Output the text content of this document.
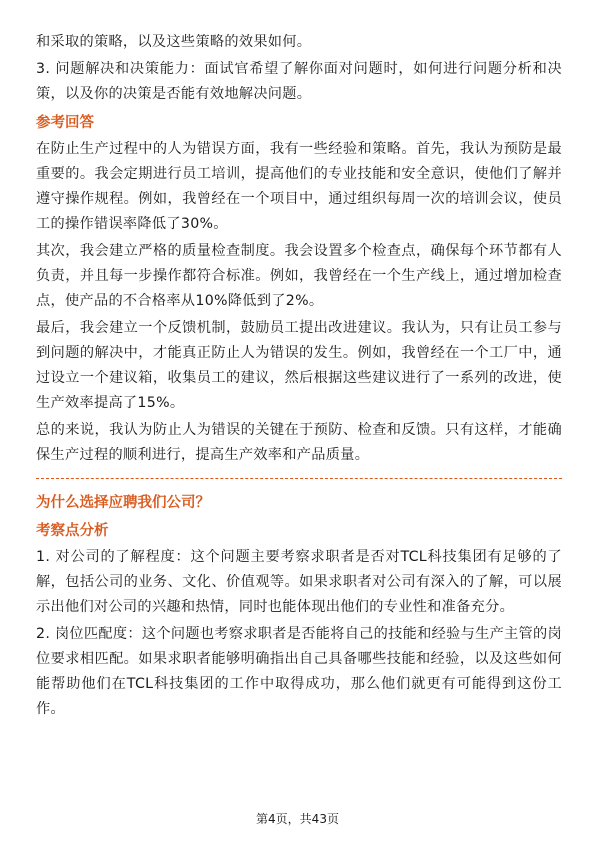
和采取的策略，以及这些策略的效果如何。

3. 问题解决和决策能力：面试官希望了解你面对问题时，如何进行问题分析和决策，以及你的决策是否能有效地解决问题。

参考回答

在防止生产过程中的人为错误方面，我有一些经验和策略。首先，我认为预防是最重要的。我会定期进行员工培训，提高他们的专业技能和安全意识，使他们了解并遵守操作规程。例如，我曾经在一个项目中，通过组织每周一次的培训会议，使员工的操作错误率降低了30%。

其次，我会建立严格的质量检查制度。我会设置多个检查点，确保每个环节都有人负责，并且每一步操作都符合标准。例如，我曾经在一个生产线上，通过增加检查点，使产品的不合格率从10%降低到了2%。

最后，我会建立一个反馈机制，鼓励员工提出改进建议。我认为，只有让员工参与到问题的解决中，才能真正防止人为错误的发生。例如，我曾经在一个工厂中，通过设立一个建议箱，收集员工的建议，然后根据这些建议进行了一系列的改进，使生产效率提高了15%。

总的来说，我认为防止人为错误的关键在于预防、检查和反馈。只有这样，才能确保生产过程的顺利进行，提高生产效率和产品质量。

为什么选择应聘我们公司？
考察点分析

1. 对公司的了解程度：这个问题主要考察求职者是否对TCL科技集团有足够的了解，包括公司的业务、文化、价值观等。如果求职者对公司有深入的了解，可以展示出他们对公司的兴趣和热情，同时也能体现出他们的专业性和准备充分。

2. 岗位匹配度：这个问题也考察求职者是否能将自己的技能和经验与生产主管的岗位要求相匹配。如果求职者能够明确指出自己具备哪些技能和经验，以及这些如何能帮助他们在TCL科技集团的工作中取得成功，那么他们就更有可能得到这份工作。

第4页，共43页
